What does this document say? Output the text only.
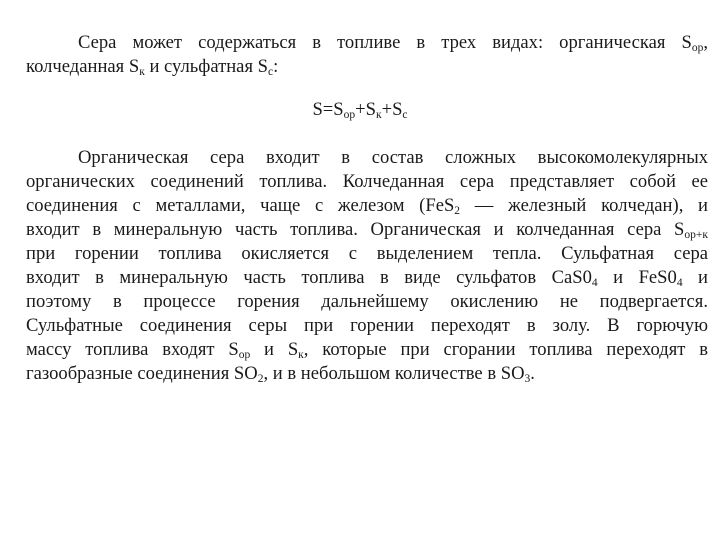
Сера может содержаться в топливе в трех видах: органическая $S_{ор}$,
колчеданная $S_к$ и сульфатная $S_с$:
$S=S_{ор}+S_к+S_с$
Органическая сера входит в состав сложных высокомолекулярных
органических соединений топлива. Колчеданная сера представляет собой ее
соединения с металлами, чаще с железом (FeS$_2$ — железный колчедан), и
входит в минеральную часть топлива. Органическая и колчеданная сера $S_{ор+к}$
при горении топлива окисляется с выделением тепла. Сульфатная сера
входит в минеральную часть топлива в виде сульфатов $CaS0_4$ и $FeS0_4$ и
поэтому в процессе горения дальнейшему окислению не подвергается.
Сульфатные соединения серы при горении переходят в золу. В горючую
массу топлива входят $S_{ор}$ и $S_к$, которые при сгорании топлива переходят в
газообразные соединения $SO_2$, и в небольшом количестве в $SO_3$.
